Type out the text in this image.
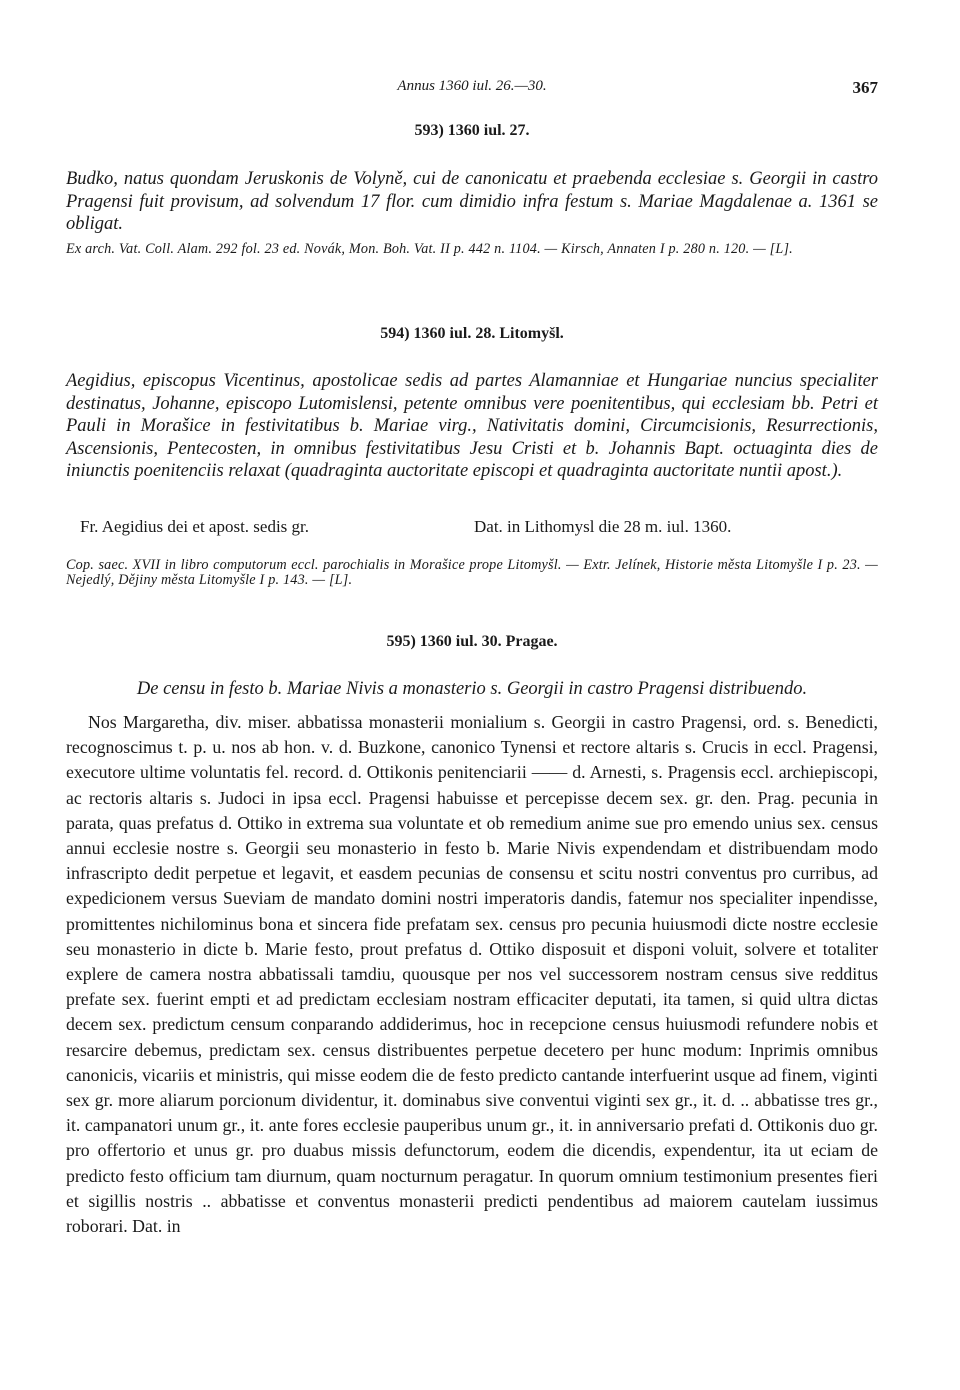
Annus 1360 iul. 26.—30.	367
593) 1360 iul. 27.

Budko, natus quondam Jeruskonis de Volyně, cui de canonicatu et praebenda ecclesiae s. Georgii in castro Pragensi fuit provisum, ad solvendum 17 flor. cum dimidio infra festum s. Mariae Magdalenae a. 1361 se obligat.

Ex arch. Vat. Coll. Alam. 292 fol. 23 ed. Novák, Mon. Boh. Vat. II p. 442 n. 1104. — Kirsch, Annaten I p. 280 n. 120. — [L].

594) 1360 iul. 28. Litomyšl.

Aegidius, episcopus Vicentinus, apostolicae sedis ad partes Alamanniae et Hungariae nuncius specialiter destinatus, Johanne, episcopo Lutomislensi, petente omnibus vere poenitentibus, qui ecclesiam bb. Petri et Pauli in Morašice in festivitatibus b. Mariae virg., Nativitatis domini, Circumcisionis, Resurrectionis, Ascensionis, Pentecosten, in omnibus festivitatibus Jesu Cristi et b. Johannis Bapt. octuaginta dies de iniunctis poenitenciis relaxat (quadraginta auctoritate episcopi et quadraginta auctoritate nuntii apost.).

Fr. Aegidius dei et apost. sedis gr.	Dat. in Lithomysl die 28 m. iul. 1360.

Cop. saec. XVII in libro computorum eccl. parochialis in Morašice prope Litomyšl. — Extr. Jelínek, Historie města Litomyšle I p. 23. — Nejedlý, Dějiny města Litomyšle I p. 143. — [L].

595) 1360 iul. 30. Pragae.

De censu in festo b. Mariae Nivis a monasterio s. Georgii in castro Pragensi distribuendo.

Nos Margaretha, div. miser. abbatissa monasterii monialium s. Georgii in castro Pragensi, ord. s. Benedicti, recognoscimus t. p. u. nos ab hon. v. d. Buzkone, canonico Tynensi et rectore altaris s. Crucis in eccl. Pragensi, executore ultime voluntatis fel. record. d. Ottikonis penitenciarii —— d. Arnesti, s. Pragensis eccl. archiepiscopi, ac rectoris altaris s. Judoci in ipsa eccl. Pragensi habuisse et percepisse decem sex. gr. den. Prag. pecunia in parata, quas prefatus d. Ottiko in extrema sua voluntate et ob remedium anime sue pro emendo unius sex. census annui ecclesie nostre s. Georgii seu monasterio in festo b. Marie Nivis expendendam et distribuendam modo infrascripto dedit perpetue et legavit, et easdem pecunias de consensu et scitu nostri conventus pro curribus, ad expedicionem versus Sueviam de mandato domini nostri imperatoris dandis, fatemur nos specialiter inpendisse, promittentes nichilominus bona et sincera fide prefatam sex. census pro pecunia huiusmodi dicte nostre ecclesie seu monasterio in dicte b. Marie festo, prout prefatus d. Ottiko disposuit et disponi voluit, solvere et totaliter explere de camera nostra abbatissali tamdiu, quousque per nos vel successorem nostram census sive redditus prefate sex. fuerint empti et ad predictam ecclesiam nostram efficaciter deputati, ita tamen, si quid ultra dictas decem sex. predictum censum conparando addiderimus, hoc in recepcione census huiusmodi refundere nobis et resarcire debemus, predictam sex. census distribuentes perpetue decetero per hunc modum: Inprimis omnibus canonicis, vicariis et ministris, qui misse eodem die de festo predicto cantande interfuerint usque ad finem, viginti sex gr. more aliarum porcionum dividentur, it. dominabus sive conventui viginti sex gr., it. d. .. abbatisse tres gr., it. campanatori unum gr., it. ante fores ecclesie pauperibus unum gr., it. in anniversario prefati d. Ottikonis duo gr. pro offertorio et unus gr. pro duabus missis defunctorum, eodem die dicendis, expendentur, ita ut eciam de predicto festo officium tam diurnum, quam nocturnum peragatur. In quorum omnium testimonium presentes fieri et sigillis nostris .. abbatisse et conventus monasterii predicti pendentibus ad maiorem cautelam iussimus roborari. Dat. in
